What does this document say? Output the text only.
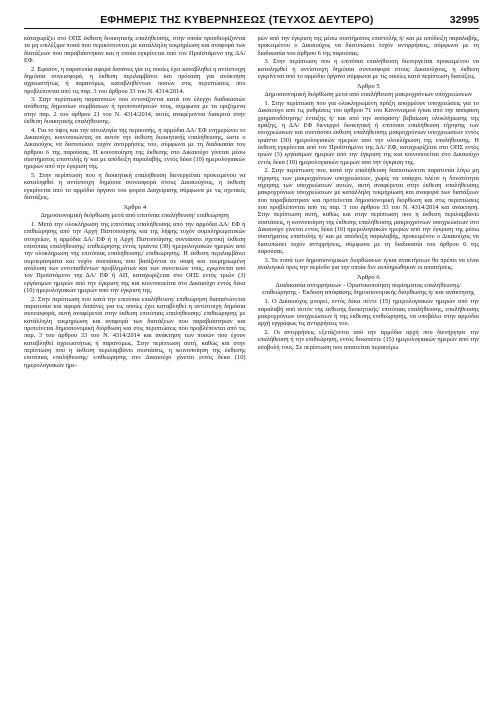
ΕΦΗΜΕΡΙΣ ΤΗΣ ΚΥΒΕΡΝΗΣΕΩΣ (ΤΕΥΧΟΣ ΔΕΥΤΕΡΟ)	32995

καταχωρίζει στο ΟΠΣ έκθεση διοικητικής επαλήθευσης, στην οποία προσδιορίζονται τα μη επιλέξιμα ποσά που περικόπτονται με κατάλληλη τεκμηρίωση και αναφορά των διατάξεων που παραβιάστηκαν και η οποία εγκρίνεται από τον Προϊστάμενο της ΔΑ/ ΕΦ.

2. Εφόσον, η παρατυπία αφορά δαπάνες για τις οποίες έχει καταβληθεί η αντίστοιχη δημόσια συνεισφορά, η έκθεση περιλαμβάνει και πρόταση για ανάκτηση αχρεωστήτως ή παρανόμως καταβληθέντων ποσών στις περιπτώσεις που προβλέπονται από τις παρ. 3 του άρθρου 33 του Ν. 4314/2014.

3. Στην περίπτωση παρατυπιών που εντοπίζονται κατά τον έλεγχο διαδικασιών ανάθεσης δημοσίων συμβάσεων ή τροποποιήσεών τους, σύμφωνα με τα οριζόμενα στην παρ. 2 του άρθρου 21 του Ν. 4314/2014, αυτές αναφέρονται διακριτά στην έκθεση διοικητικής επαλήθευσης.

4. Για το ύψος και την αιτιολογία της περικοπής, η αρμόδια ΔΑ/ ΕΦ ενημερώνει το Δικαιούχο, κοινοποιώντας σε αυτόν την έκθεση διοικητικής επαλήθευσης, ώστε ο Δικαιούχος να διατυπώσει τυχόν αντιρρήσεις του, σύμφωνα με τη διαδικασία του άρθρου 6 της παρούσας. Η κοινοποίηση της έκθεσης στο Δικαιούχο γίνεται μέσω συστήματος επιστολής ή/ και με απόδειξη παραλαβής, εντός δέκα (10) ημερολογιακών ημερών από την έγκριση της.

5. Στην περίπτωση που η διοικητική επαλήθευση διενεργείται προκειμένου να καταληφθεί η αντίστοιχη δημόσια συνεισφορά στους Δικαιούχους, η έκθεση εγκρίνεται από το αρμόδιο όργανο του φορέα Διαχείρισης σύμφωνα με τις σχετικές διατάξεις.

Άρθρο 4
Δημοσιονομική διόρθωση μετά από επιτόπια επαλήθευση/ επιθεώρηση

1. Μετά την ολοκλήρωση της επιτόπιας επαλήθευσης από την αρμόδια ΔΑ/ ΕΦ ή επιθεώρησης από την Αρχή Πιστοποίησης και της λήψης τυχόν συμπληρωματικών στοιχείων, η αρμόδια ΔΑ/ ΕΦ ή η Αρχή Πιστοποίησης συντάσσει σχετική έκθεση επιτόπιας επαλήθευσης/ επιθεώρησης εντός τριάντα (30) ημερολογιακών ημερών από την ολοκλήρωση της επιτόπιας επαλήθευσης/ επιθεώρησης. Η έκθεση περιλαμβάνει συμπεράσματα και τυχόν συστάσεις που βασίζονται σε σαφή και τεκμηριωμένη ανάλυση των εντοπισθέντων προβλημάτων και των συνεπειών τους, εγκρίνεται από τον Προϊστάμενο της ΔΑ/ ΕΦ ή ΑΠ, καταχωρίζεται στο ΟΠΣ εντός τριών (3) εργάσιμων ημερών από την έγκριση της και κοινοποιείται στο Δικαιούχο εντός δέκα (10) ημερολογιακών ημερών από την έγκριση της.

2. Στην περίπτωση που κατά την επιτόπια επαλήθευση/ επιθεώρηση διαπιστώνεται παρατυπία και αφορά δαπάνες για τις οποίες έχει καταβληθεί η αντίστοιχη δημόσια συνεισφορά, αυτή αναφέρεται στην έκθεση επιτόπιας επαλήθευσης/ επιθεώρησης με κατάλληλη τεκμηρίωση και αναφορά των διατάξεων που παραβιάστηκαν και προτείνεται δημοσιονομική διόρθωση και στις περιπτώσεις που προβλέπονται από τις παρ. 3 του άρθρου 33 του Ν. 4314/2014 και ανάκτηση των ποσών που έχουν καταβληθεί αχρεωστήτως ή παρανόμως. Στην περίπτωση αυτή, καθώς και στην περίπτωση που η έκθεση περιλαμβάνει συστάσεις, η κοινοποίηση της έκθεσης επιτόπιας επαλήθευσης/ επιθεώρησης στο Δικαιούχο γίνεται εντός δέκα (10) ημερολογιακών ημε-

ρών από την έγκριση της μέσω συστήματος επιστολής ή/ και με απόδειξη παραλαβής, προκειμένου ο Δικαιούχος να διατυπώσει τυχόν αντιρρήσεις, σύμφωνα με τη διαδικασία του άρθρου 6 της παρούσας.

3. Στην περίπτωση που η επιτόπια επαλήθευση διενεργείται προκειμένου να καταληφθεί η αντίστοιχη δημόσια συνεισφορά στους Δικαιούχους, η έκθεση εγκρίνεται από το αρμόδιο όργανο σύμφωνα με τις οικείες κατά περίπτωση διατάξεις.

Άρθρο 5
Δημοσιονομική διόρθωση μετά από επαλήθευση μακροχρόνιων υποχρεώσεων

1. Στην περίπτωση που για ολοκληρωμένη πράξη απορρέουν υποχρεώσεις για το Δικαιούχο από τις ρυθμίσεις του άρθρου 71 του Κανονισμού ή/και από την απόφαση χρηματοδότησης/ ένταξης ή/ και από την απόφαση/ βεβαίωση ολοκλήρωσης της πράξης, η ΔΑ/ ΕΦ διενεργεί διοικητική ή επιτόπια επαλήθευση τήρησης των υποχρεώσεων και συντάσσει έκθεση επαλήθευσης μακροχρόνιων υποχρεώσεων εντός τριάντα (30) ημερολογιακών ημερών από την ολοκλήρωση της επαλήθευσης. Η έκθεση εγκρίνεται από τον Προϊστάμενο της ΔΑ/ ΕΦ, καταχωρίζεται στο ΟΠΣ εντός τριών (3) εργάσιμων ημερών από την έγκριση της και κοινοποιείται στο Δικαιούχο εντός δέκα (10) ημερολογιακών ημερών από την έγκριση της.

2. Στην περίπτωση που, κατά την επαλήθευση διαπιστώνεται παρατυπία λόγω μη τήρησης των μακροχρόνιων υποχρεώσεων, χωρίς να υπάρχει πλέον η δυνατότητα τήρησης των υποχρεώσεων αυτών, αυτή αναφέρεται στην έκθεση επαλήθευσης μακροχρόνιων υποχρεώσεων με κατάλληλη τεκμηρίωση και αναφορά των διατάξεων που παραβιάστηκαν και προτείνεται δημοσιονομική διόρθωση και στις περιπτώσεις που προβλέπονται από τις παρ. 3 του άρθρου 33 του Ν. 4314/2014 και ανάκτηση. Στην περίπτωση αυτή, καθώς και στην περίπτωση που η έκθεση περιλαμβάνει συστάσεις, η κοινοποίηση της έκθεσης επαλήθευσης μακροχρόνιων υποχρεώσεων στο Δικαιούχο γίνεται εντός δέκα (10) ημερολογιακών ημερών από την έγκριση της μέσω συστήματος επιστολής ή/ και με απόδειξη παραλαβής, προκειμένου ο Δικαιούχος να διατυπώσει τυχόν αντιρρήσεις, σύμφωνα με τη διαδικασία του άρθρου 6 της παρούσας.

3. Τα ποσά των δημοσιονομικών διορθώσεων ή/και ανακτήσεων θα πρέπει να είναι αναλογικά προς την περίοδο για την οποία δεν εκπληρώθηκαν οι απαιτήσεις.

Άρθρο 6
Διαδικασία αντιρρήσεων - Οριστικοποίηση πορίσματος επαλήθευσης/ επιθεώρησης - Έκδοση απόφασης δημοσιονομικής διόρθωσης ή/ και ανάκτησης

1. Ο Δικαιούχος μπορεί, εντός δέκα πέντε (15) ημερολογιακών ημερών από την παραλαβή από αυτόν της έκθεσης διοικητικής/ επιτόπιας επαλήθευσης, επαλήθευσης μακροχρόνιων υποχρεώσεων ή της έκθεσης επιθεώρησης, να υποβάλει στην αρμόδια αρχή εγγράφως τις αντιρρήσεις του.

2. Οι αντιρρήσεις εξετάζονται από την αρμόδια αρχή που διενήργησε την επαλήθευση ή την επιθεώρηση, εντός δεκαπέντε (15) ημερολογιακών ημερών από την υποβολή τους. Σε περίπτωση που απαιτείται περαιτέρω
